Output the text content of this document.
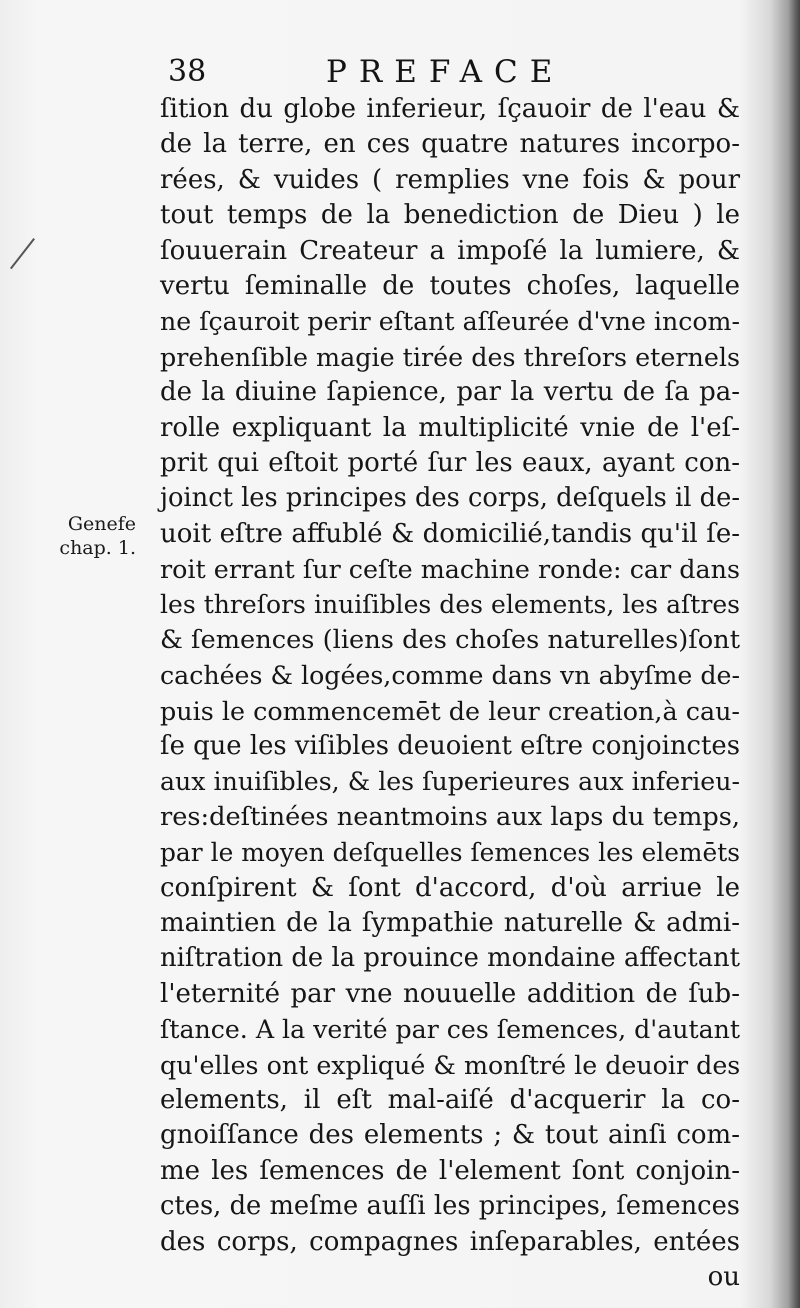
38	PREFACE
Genefe
chap. 1.
ſition du globe inferieur, ſçauoir de l'eau &
de la terre, en ces quatre natures incorpo-
rées, & vuides ( remplies vne fois & pour
tout temps de la benediction de Dieu ) le
ſouuerain Createur a impoſé la lumiere, &
vertu ſeminalle de toutes choſes, laquelle
ne ſçauroit perir eſtant aſſeurée d'vne incom-
prehenſible magie tirée des threſors eternels
de la diuine ſapience, par la vertu de ſa pa-
rolle expliquant la multiplicité vnie de l'eſ-
prit qui eſtoit porté ſur les eaux, ayant con-
joinct les principes des corps, deſquels il de-
uoit eſtre affublé & domicilié,tandis qu'il ſe-
roit errant ſur ceſte machine ronde: car dans
les threſors inuiſibles des elements, les aſtres
& ſemences (liens des choſes naturelles)ſont
cachées & logées,comme dans vn abyſme de-
puis le commencemēt de leur creation,à cau-
ſe que les viſibles deuoient eſtre conjoinctes
aux inuiſibles, & les ſuperieures aux inferieu-
res:deſtinées neantmoins aux laps du temps,
par le moyen deſquelles ſemences les elemēts
conſpirent & ſont d'accord, d'où arriue le
maintien de la ſympathie naturelle & admi-
niſtration de la prouince mondaine affectant
l'eternité par vne nouuelle addition de ſub-
ſtance. A la verité par ces ſemences, d'autant
qu'elles ont expliqué & monſtré le deuoir des
elements, il eſt mal-aiſé d'acquerir la co-
gnoiſſance des elements ; & tout ainſi com-
me les ſemences de l'element ſont conjoin-
ctes, de meſme auſſi les principes, ſemences
des corps, compagnes inſeparables, entées
ou
